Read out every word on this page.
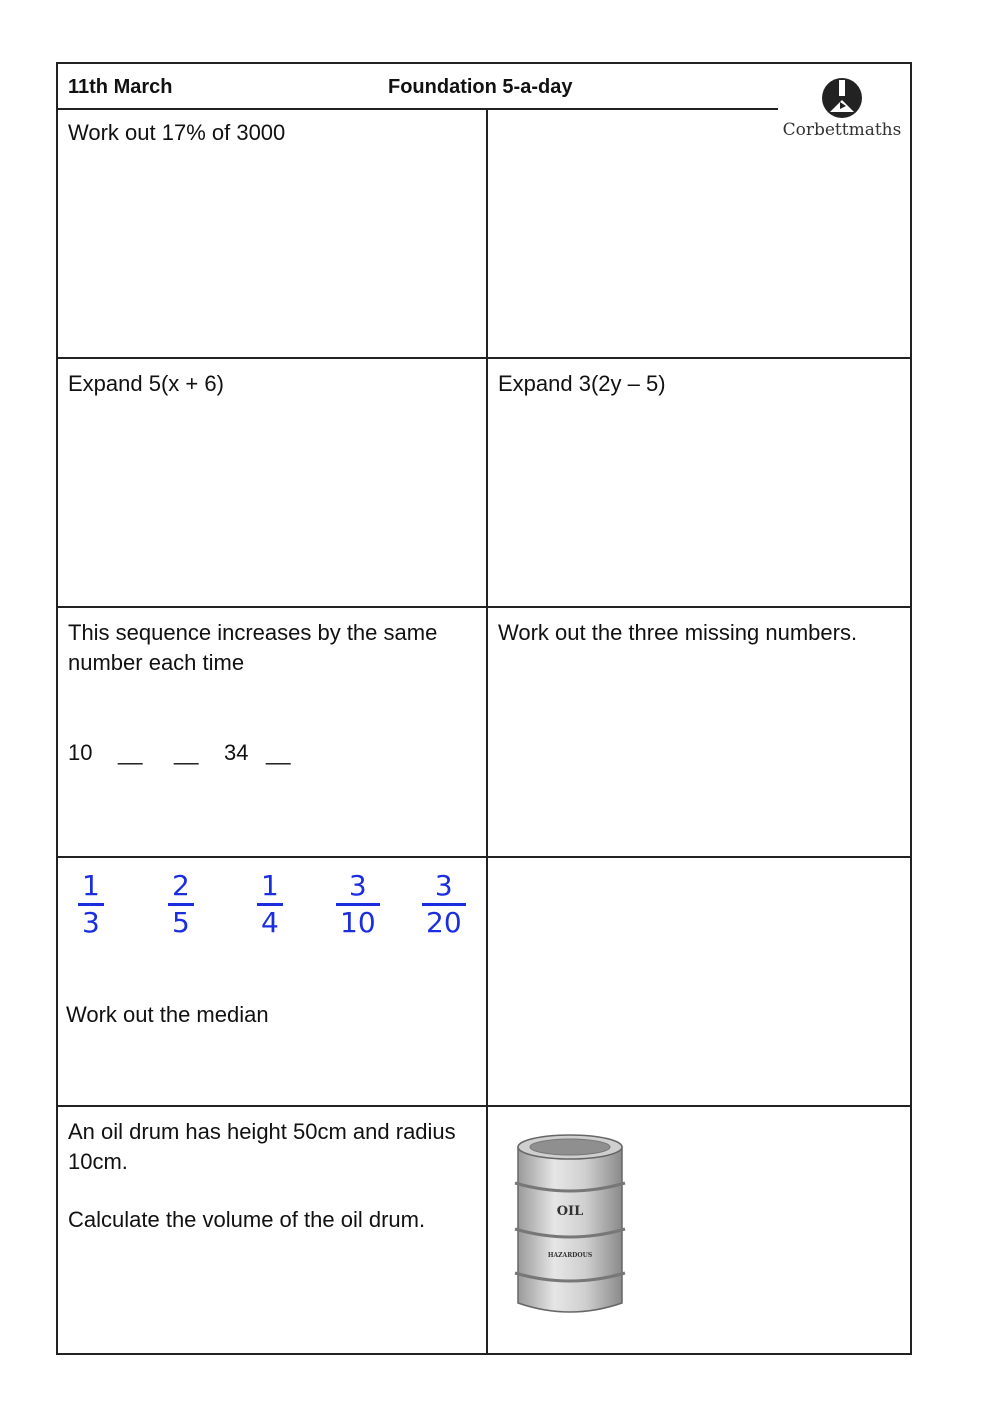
11th March	Foundation 5-a-day
Work out 17% of 3000
Expand 5(x + 6)	Expand 3(2y – 5)
This sequence increases by the same number each time
10	__	__	34 __
Work out the three missing numbers.
1
3
2
5
1
4
3
10
3
20
Work out the median
An oil drum has height 50cm and radius 10cm.
Calculate the volume of the oil drum.	OIL
HAZARDOUS
Corbettmaths
